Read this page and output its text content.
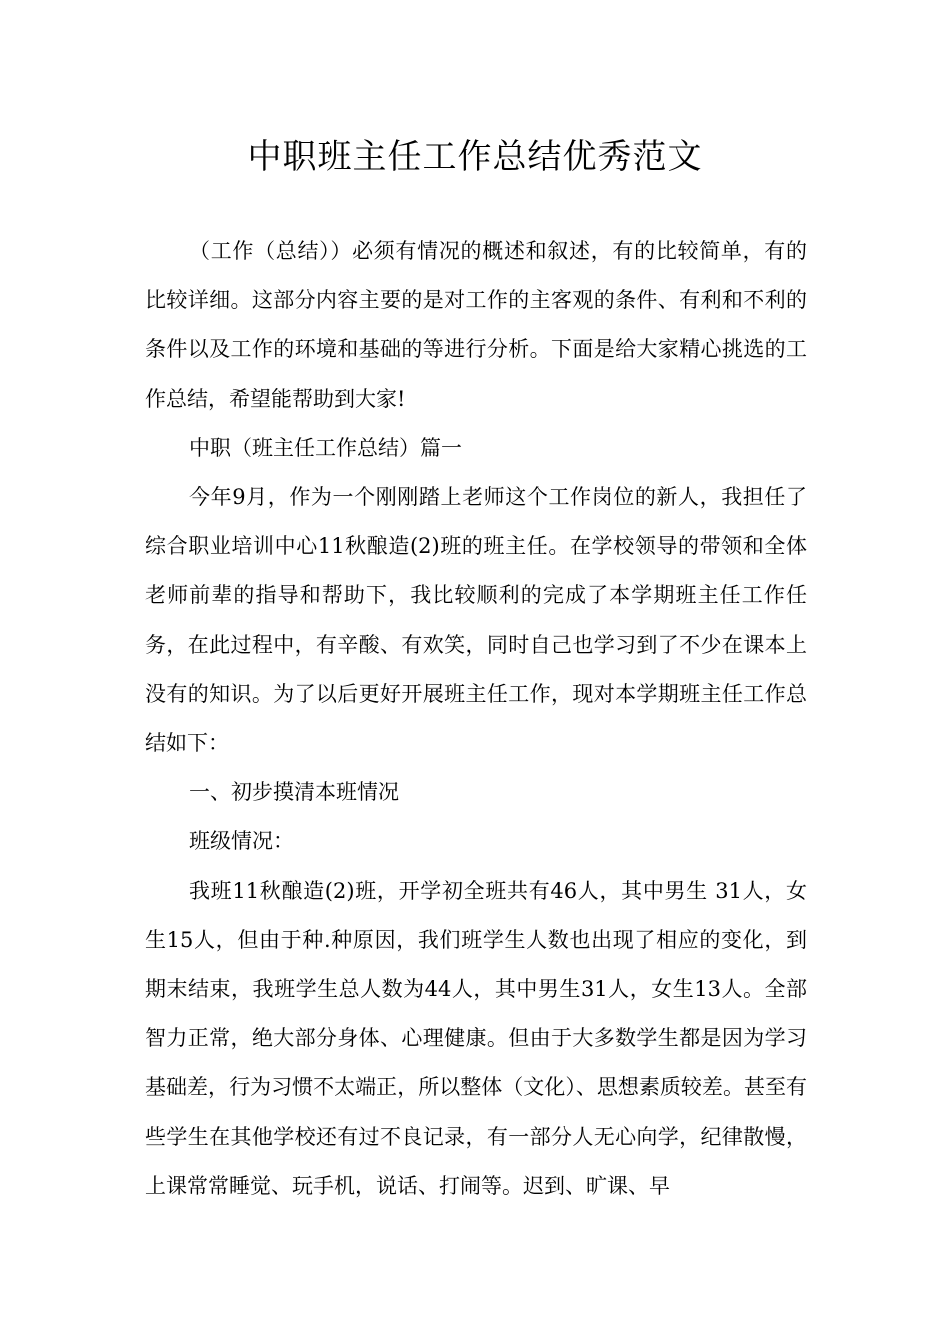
中职班主任工作总结优秀范文

（工作（总结））必须有情况的概述和叙述，有的比较简单，有的比较详细。这部分内容主要的是对工作的主客观的条件、有利和不利的条件以及工作的环境和基础的等进行分析。下面是给大家精心挑选的工作总结，希望能帮助到大家!

中职（班主任工作总结）篇一

今年9月，作为一个刚刚踏上老师这个工作岗位的新人，我担任了综合职业培训中心11秋酿造(2)班的班主任。在学校领导的带领和全体老师前辈的指导和帮助下，我比较顺利的完成了本学期班主任工作任务，在此过程中，有辛酸、有欢笑，同时自己也学习到了不少在课本上没有的知识。为了以后更好开展班主任工作，现对本学期班主任工作总结如下：

一、初步摸清本班情况

班级情况：

我班11秋酿造(2)班，开学初全班共有46人，其中男生 31人，女生15人，但由于种.种原因，我们班学生人数也出现了相应的变化，到期末结束，我班学生总人数为44人，其中男生31人，女生13人。全部智力正常，绝大部分身体、心理健康。但由于大多数学生都是因为学习基础差，行为习惯不太端正，所以整体（文化）、思想素质较差。甚至有些学生在其他学校还有过不良记录，有一部分人无心向学，纪律散慢，上课常常睡觉、玩手机，说话、打闹等。迟到、旷课、早
